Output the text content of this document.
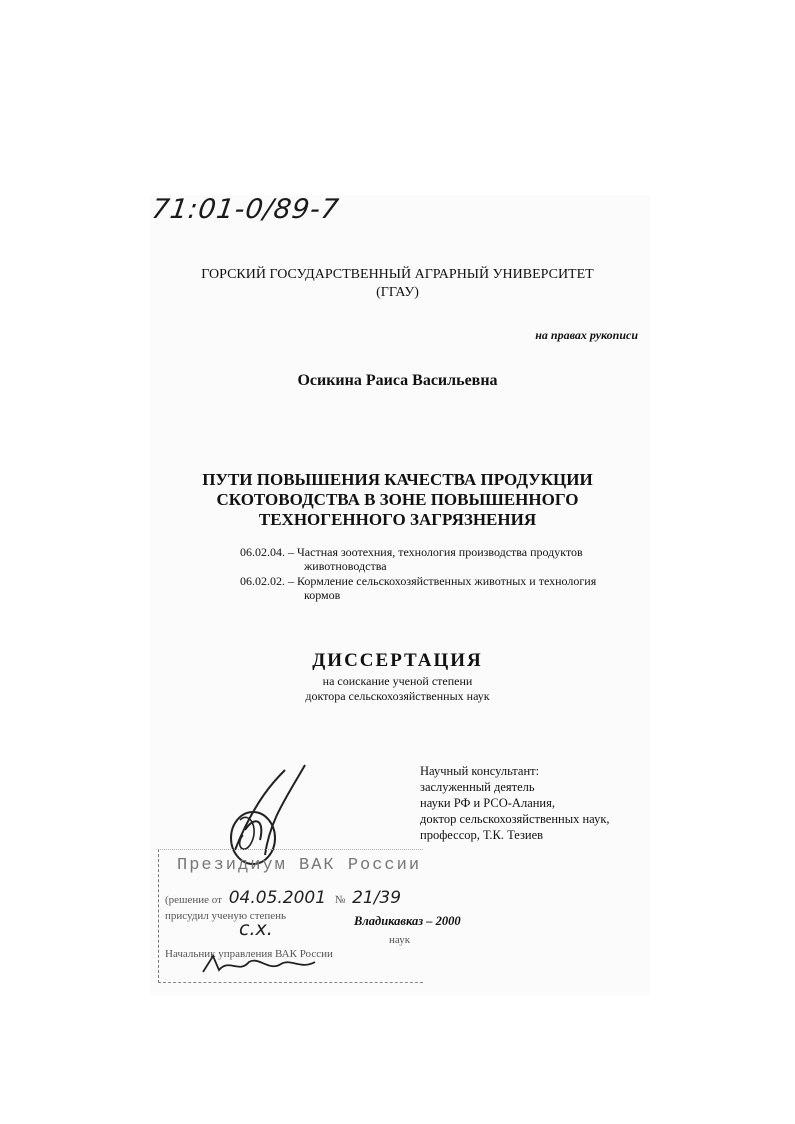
71:01-0/89-7
ГОРСКИЙ ГОСУДАРСТВЕННЫЙ АГРАРНЫЙ УНИВЕРСИТЕТ
(ГГАУ)
на правах рукописи
Осикина Раиса Васильевна
ПУТИ ПОВЫШЕНИЯ КАЧЕСТВА ПРОДУКЦИИ
СКОТОВОДСТВА В ЗОНЕ ПОВЫШЕННОГО
ТЕХНОГЕННОГО ЗАГРЯЗНЕНИЯ
06.02.04. – Частная зоотехния, технология производства продуктов
животноводства
06.02.02. – Кормление сельскохозяйственных животных и технология
кормов
ДИССЕРТАЦИЯ
на соискание ученой степени
доктора сельскохозяйственных наук
Научный консультант:
заслуженный деятель
науки РФ и РСО-Алания,
доктор сельскохозяйственных наук,
профессор, Т.К. Тезиев
Президиум ВАК России
(решение от 04.05.2001 № 21/39
присудил ученую степень
с.х.	наук
Начальник управления ВАК России
Владикавказ – 2000
